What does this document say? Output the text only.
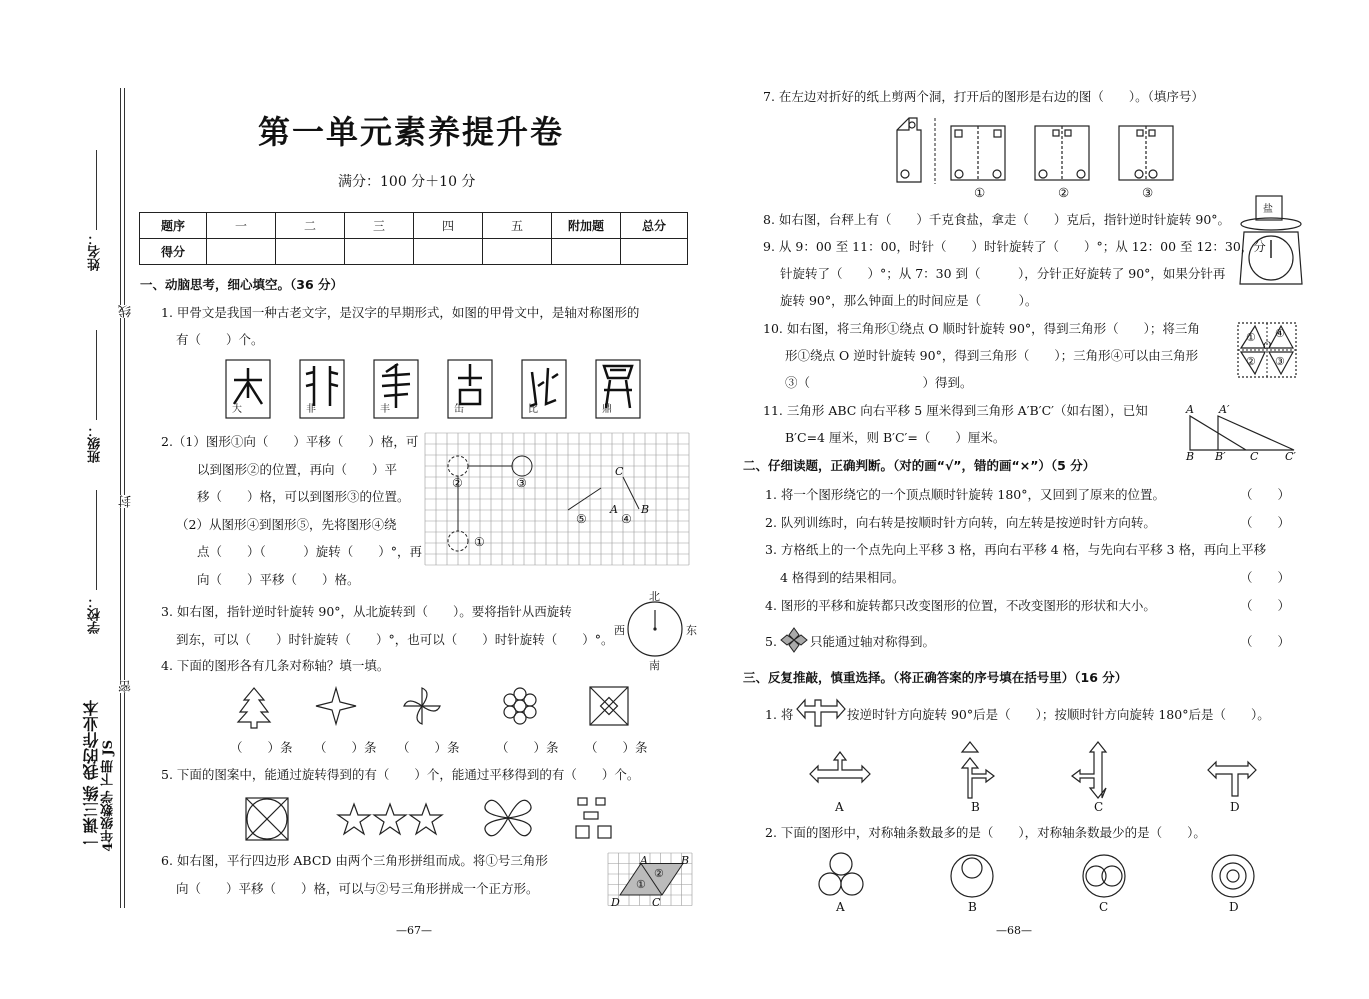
姓名：
班级：
学校：
线
封
密
一课三练 我的作业本 4年级数学 下册 JS
第一单元素养提升卷
满分：100 分＋10 分
题序	一	二	三	四	五	附加题	总分
得分							
一、动脑思考，细心填空。（36 分）
1. 甲骨文是我国一种古老文字，是汉字的早期形式，如图的甲骨文中，是轴对称图形的
有（　　）个。
大	非	丰	缶	比	鼎
2.（1）图形①向（　　）平移（　　）格，可
以到图形②的位置，再向（　　）平
移（　　）格，可以到图形③的位置。
（2）从图形④到图形⑤，先将图形④绕
点（　　）（　　　）旋转（　　）°，再
向（　　）平移（　　）格。
②	③
①
C
⑤
A
④
B
3. 如右图，指针逆时针旋转 90°，从北旋转到（　　）。要将指针从西旋转
到东，可以（　　）时针旋转（　　）°，也可以（　　）时针旋转（　　）°。
北
西	东
南
4. 下面的图形各有几条对称轴？填一填。
（　　）条 （　　）条 （　　）条	（　　）条 （　　）条
5. 下面的图案中，能通过旋转得到的有（　　）个，能通过平移得到的有（　　）个。
6. 如右图，平行四边形 ABCD 由两个三角形拼组而成。将①号三角形
向（　　）平移（　　）格，可以与②号三角形拼成一个正方形。
A	B
D	C
①
②
—67—
7. 在左边对折好的纸上剪两个洞，打开后的图形是右边的图（　　）。（填序号）
①	②	③
8. 如右图，台秤上有（　　）千克食盐，拿走（　　）克后，指针逆时针旋转 90°。
盐
9. 从 9：00 至 11：00，时针（　　）时针旋转了（　　）°；从 12：00 至 12：30，分
针旋转了（　　）°；从 7：30 到（　　　），分针正好旋转了 90°，如果分针再
旋转 90°，那么钟面上的时间应是（　　　）。
10. 如右图，将三角形①绕点 O 顺时针旋转 90°，得到三角形（　　）；将三角
形①绕点 O 逆时针旋转 90°，得到三角形（　　）；三角形④可以由三角形
③（　　　　　　　　　）得到。
①
② ③
④
O
11. 三角形 ABC 向右平移 5 厘米得到三角形 A′B′C′（如右图），已知
B′C=4 厘米，则 B′C′=（　　）厘米。
A A′
B B′ C C′
二、仔细读题，正确判断。（对的画“√”，错的画“×”）（5 分）
1. 将一个图形绕它的一个顶点顺时针旋转 180°，又回到了原来的位置。	（　　）
2. 队列训练时，向右转是按顺时针方向转，向左转是按逆时针方向转。	（　　）
3. 方格纸上的一个点先向上平移 3 格，再向右平移 4 格，与先向右平移 3 格，再向上平移
4 格得到的结果相同。	（　　）
4. 图形的平移和旋转都只改变图形的位置，不改变图形的形状和大小。	（　　）
5.	只能通过轴对称得到。	（　　）
三、反复推敲，慎重选择。（将正确答案的序号填在括号里）（16 分）
1. 将	按逆时针方向旋转 90°后是（　　）；按顺时针方向旋转 180°后是（　　）。
A	B	C	D
2. 下面的图形中，对称轴条数最多的是（　　），对称轴条数最少的是（　　）。
A	B	C	D
—68—
